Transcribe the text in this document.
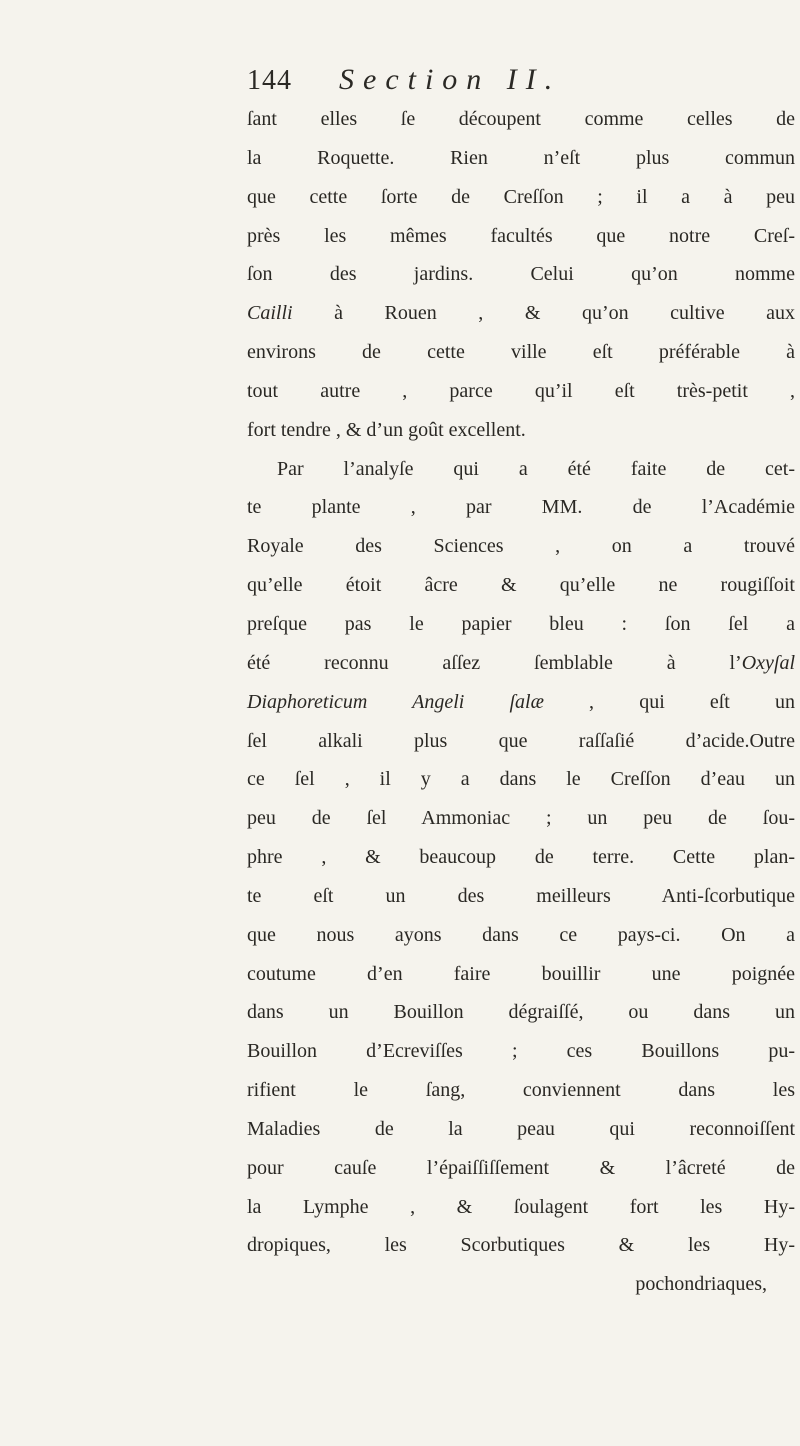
144 Section II.
ſant elles ſe découpent comme celles de
la Roquette. Rien n’eſt plus commun
que cette ſorte de Creſſon ; il a à peu
près les mêmes facultés que notre Creſ-
ſon des jardins. Celui qu’on nomme
Cailli à Rouen , & qu’on cultive aux
environs de cette ville eſt préférable à
tout autre , parce qu’il eſt très-petit ,
fort tendre , & d’un goût excellent.
Par l’analyſe qui a été faite de cet-
te plante , par MM. de l’Académie
Royale des Sciences , on a trouvé
qu’elle étoit âcre & qu’elle ne rougiſſoit
preſque pas le papier bleu : ſon ſel a
été reconnu aſſez ſemblable à l’Oxyſal
Diaphoreticum Angeli ſalæ , qui eſt un
ſel alkali plus que raſſaſié d’acide.Outre
ce ſel , il y a dans le Creſſon d’eau un
peu de ſel Ammoniac ; un peu de ſou-
phre , & beaucoup de terre. Cette plan-
te eſt un des meilleurs Anti-ſcorbutique
que nous ayons dans ce pays-ci. On a
coutume d’en faire bouillir une poignée
dans un Bouillon dégraiſſé, ou dans un
Bouillon d’Ecreviſſes ; ces Bouillons pu-
rifient le ſang, conviennent dans les
Maladies de la peau qui reconnoiſſent
pour cauſe l’épaiſſiſſement & l’âcreté de
la Lymphe , & ſoulagent fort les Hy-
dropiques, les Scorbutiques & les Hy-
pochondriaques,
